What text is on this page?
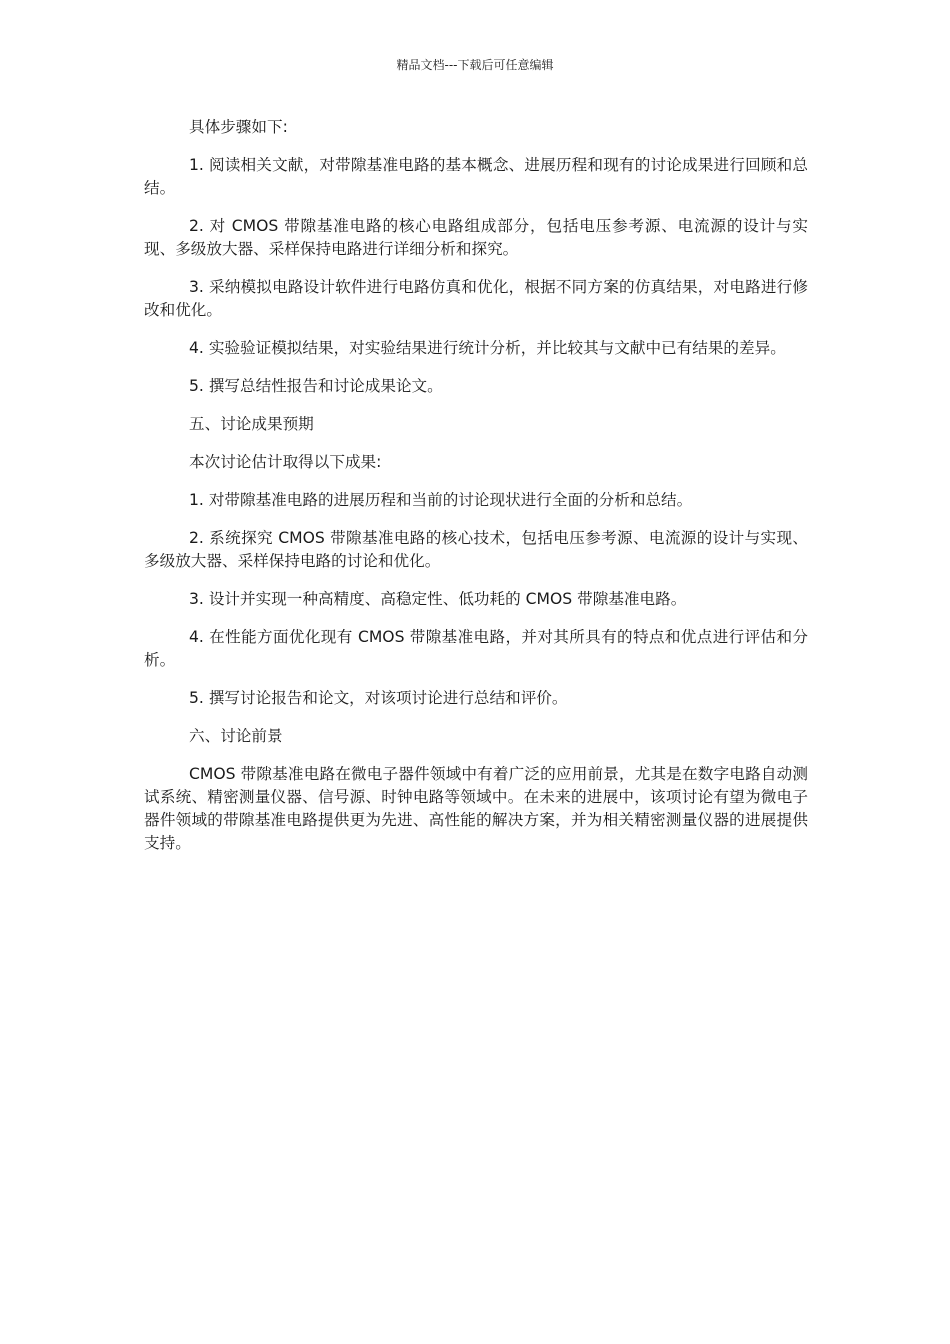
精品文档---下载后可任意编辑

具体步骤如下:

1. 阅读相关文献，对带隙基准电路的基本概念、进展历程和现有的讨论成果进行回顾和总结。

2. 对 CMOS 带隙基准电路的核心电路组成部分，包括电压参考源、电流源的设计与实现、多级放大器、采样保持电路进行详细分析和探究。

3. 采纳模拟电路设计软件进行电路仿真和优化，根据不同方案的仿真结果，对电路进行修改和优化。

4. 实验验证模拟结果，对实验结果进行统计分析，并比较其与文献中已有结果的差异。

5. 撰写总结性报告和讨论成果论文。

五、讨论成果预期

本次讨论估计取得以下成果:

1. 对带隙基准电路的进展历程和当前的讨论现状进行全面的分析和总结。

2. 系统探究 CMOS 带隙基准电路的核心技术，包括电压参考源、电流源的设计与实现、多级放大器、采样保持电路的讨论和优化。

3. 设计并实现一种高精度、高稳定性、低功耗的 CMOS 带隙基准电路。

4. 在性能方面优化现有 CMOS 带隙基准电路，并对其所具有的特点和优点进行评估和分析。

5. 撰写讨论报告和论文，对该项讨论进行总结和评价。

六、讨论前景

CMOS 带隙基准电路在微电子器件领域中有着广泛的应用前景，尤其是在数字电路自动测试系统、精密测量仪器、信号源、时钟电路等领域中。在未来的进展中，该项讨论有望为微电子器件领域的带隙基准电路提供更为先进、高性能的解决方案，并为相关精密测量仪器的进展提供支持。
